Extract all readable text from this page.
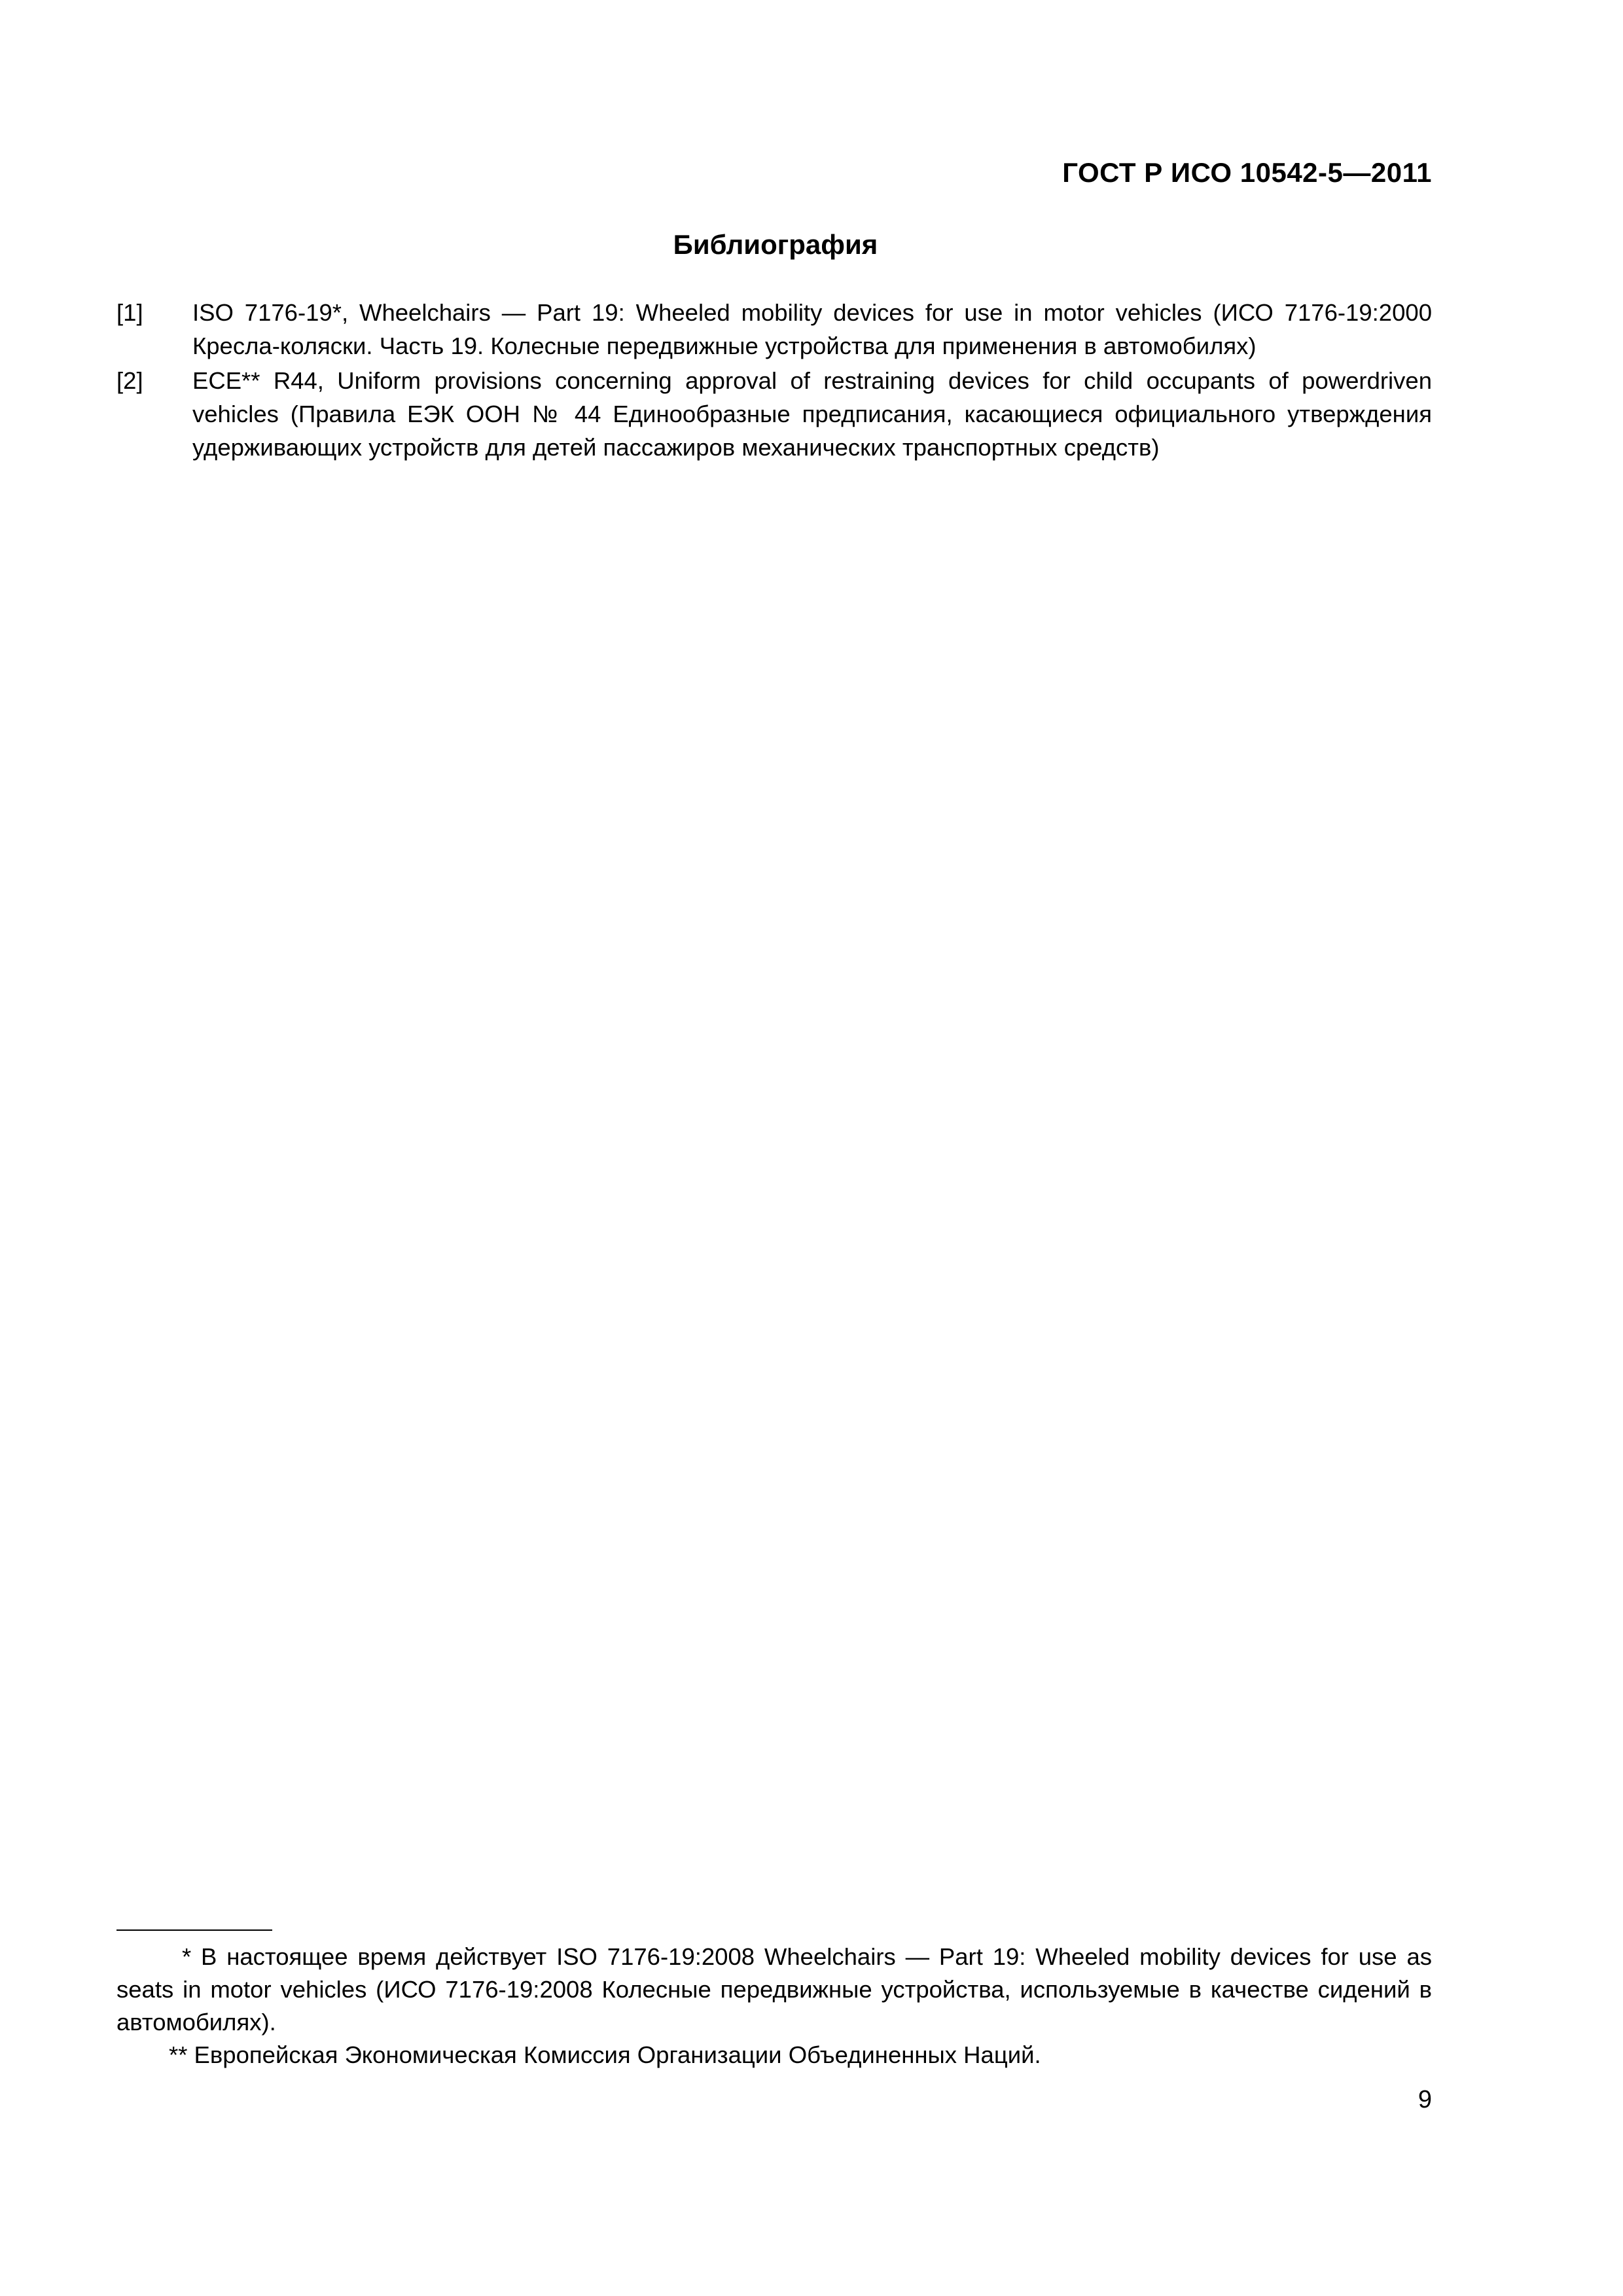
ГОСТ Р ИСО 10542-5—2011
Библиография
[1]	ISO 7176-19*, Wheelchairs — Part 19: Wheeled mobility devices for use in motor vehicles (ИСО 7176-19:2000 Кресла-коляски. Часть 19. Колесные передвижные устройства для применения в автомобилях)
[2]	ECE** R44, Uniform provisions concerning approval of restraining devices for child occupants of powerdriven vehicles (Правила ЕЭК ООН № 44 Единообразные предписания, касающиеся официального утверждения удерживающих устройств для детей пассажиров механических транспортных средств)

* В настоящее время действует ISO 7176-19:2008 Wheelchairs — Part 19: Wheeled mobility devices for use as seats in motor vehicles (ИСО 7176-19:2008 Колесные передвижные устройства, используемые в качестве сидений в автомобилях).

** Европейская Экономическая Комиссия Организации Объединенных Наций.

9
